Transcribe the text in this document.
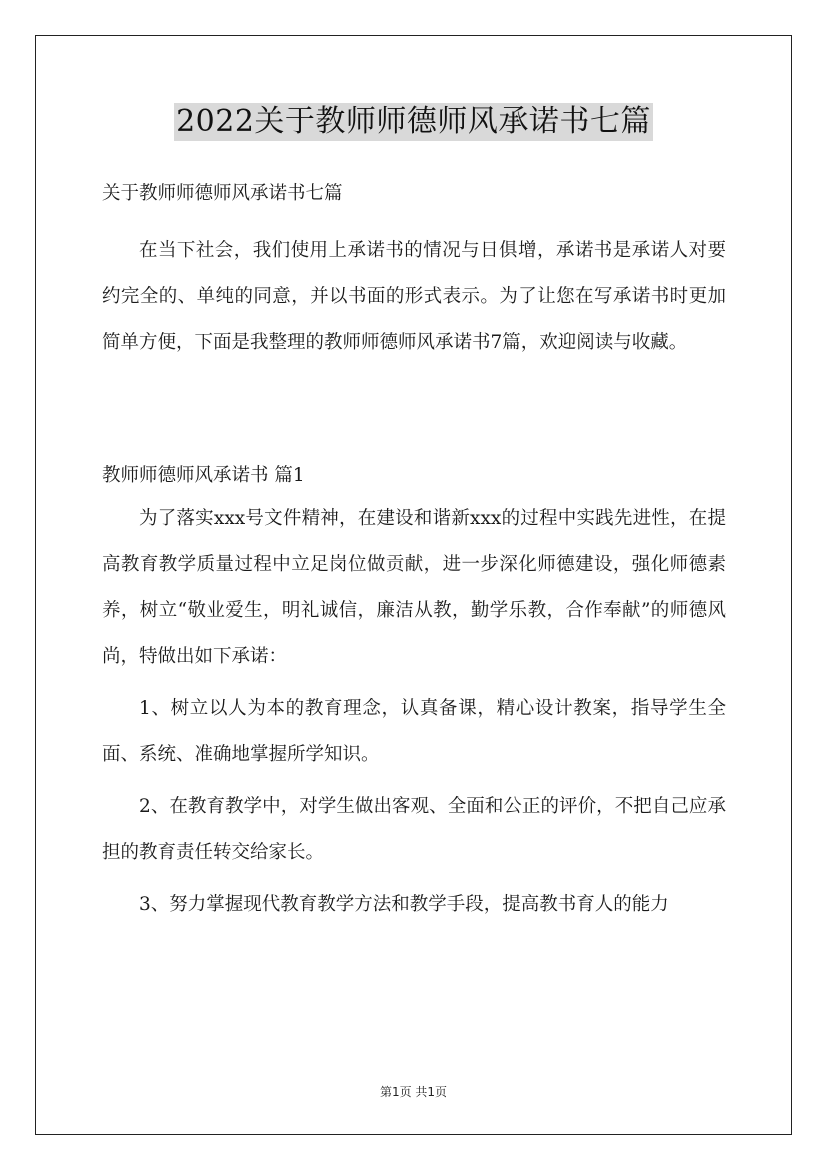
2022关于教师师德师风承诺书七篇
关于教师师德师风承诺书七篇

在当下社会，我们使用上承诺书的情况与日俱增，承诺书是承诺人对要约完全的、单纯的同意，并以书面的形式表示。为了让您在写承诺书时更加简单方便，下面是我整理的教师师德师风承诺书7篇，欢迎阅读与收藏。

教师师德师风承诺书 篇1

为了落实xxx号文件精神，在建设和谐新xxx的过程中实践先进性，在提高教育教学质量过程中立足岗位做贡献，进一步深化师德建设，强化师德素养，树立“敬业爱生，明礼诚信，廉洁从教，勤学乐教，合作奉献”的师德风尚，特做出如下承诺：

1、树立以人为本的教育理念，认真备课，精心设计教案，指导学生全面、系统、准确地掌握所学知识。

2、在教育教学中，对学生做出客观、全面和公正的评价，不把自己应承担的教育责任转交给家长。

3、努力掌握现代教育教学方法和教学手段，提高教书育人的能力

第1页 共1页
